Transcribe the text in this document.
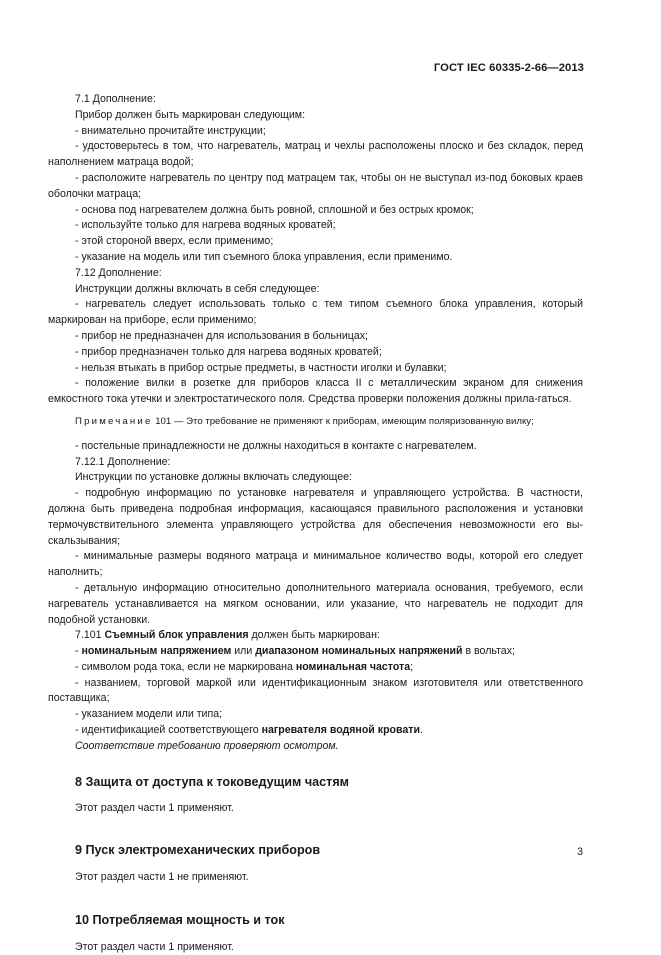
ГОСТ IEC 60335-2-66—2013

7.1 Дополнение:

Прибор должен быть маркирован следующим:

- внимательно прочитайте инструкции;

- удостоверьтесь в том, что нагреватель, матрац и чехлы расположены плоско и без складок, перед наполнением матраца водой;

- расположите нагреватель по центру под матрацем так, чтобы он не выступал из-под боковых краев оболочки матраца;

- основа под нагревателем должна быть ровной, сплошной и без острых кромок;

- используйте только для нагрева водяных кроватей;

- этой стороной вверх, если применимо;

- указание на модель или тип съемного блока управления, если применимо.

7.12 Дополнение:

Инструкции должны включать в себя следующее:

- нагреватель следует использовать только с тем типом съемного блока управления, который маркирован на приборе, если применимо;

- прибор не предназначен для использования в больницах;

- прибор предназначен только для нагрева водяных кроватей;

- нельзя втыкать в прибор острые предметы, в частности иголки и булавки;

- положение вилки в розетке для приборов класса II с металлическим экраном для снижения емкостного тока утечки и электростатического поля. Средства проверки положения должны прила-гаться.

Примечание 101 — Это требование не применяют к приборам, имеющим поляризованную вилку;

- постельные принадлежности не должны находиться в контакте с нагревателем.

7.12.1 Дополнение:

Инструкции по установке должны включать следующее:

- подробную информацию по установке нагревателя и управляющего устройства. В частности, должна быть приведена подробная информация, касающаяся правильного расположения и установки термочувствительного элемента управляющего устройства для обеспечения невозможности его вы-скальзывания;

- минимальные размеры водяного матраца и минимальное количество воды, которой его следует наполнить;

- детальную информацию относительно дополнительного материала основания, требуемого, если нагреватель устанавливается на мягком основании, или указание, что нагреватель не подходит для подобной установки.

7.101 Съемный блок управления должен быть маркирован:

- номинальным напряжением или диапазоном номинальных напряжений в вольтах;

- символом рода тока, если не маркирована номинальная частота;

- названием, торговой маркой или идентификационным знаком изготовителя или ответственного поставщика;

- указанием модели или типа;

- идентификацией соответствующего нагревателя водяной кровати.

Соответствие требованию проверяют осмотром.

8 Защита от доступа к токоведущим частям

Этот раздел части 1 применяют.

9 Пуск электромеханических приборов

Этот раздел части 1 не применяют.

10 Потребляемая мощность и ток

Этот раздел части 1 применяют.

3
